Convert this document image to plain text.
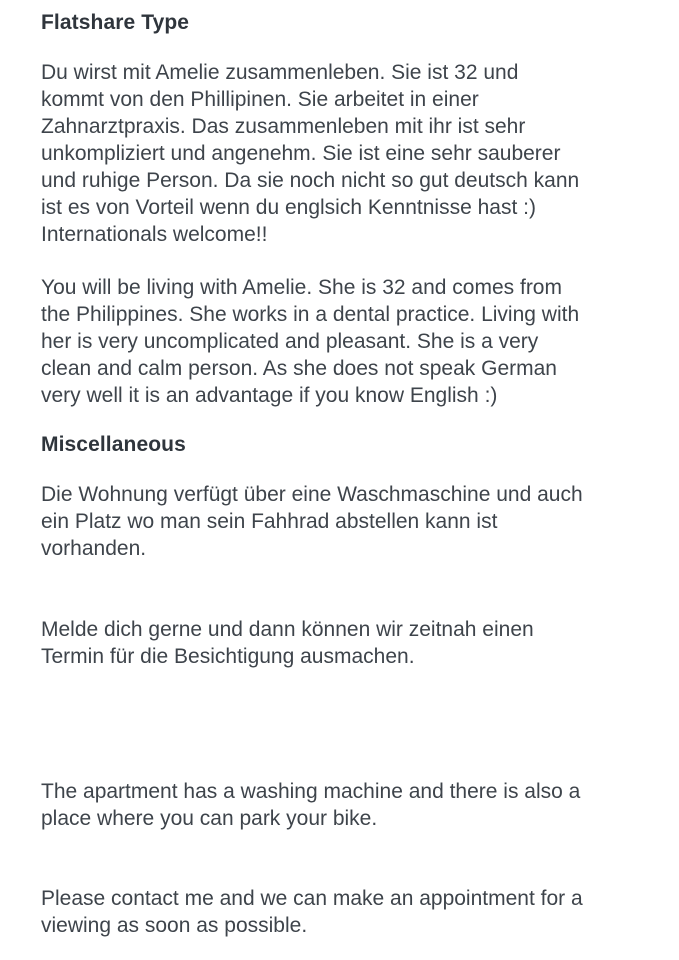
Flatshare Type

Du wirst mit Amelie zusammenleben. Sie ist 32 und
kommt von den Phillipinen. Sie arbeitet in einer
Zahnarztpraxis. Das zusammenleben mit ihr ist sehr
unkompliziert und angenehm. Sie ist eine sehr sauberer
und ruhige Person. Da sie noch nicht so gut deutsch kann
ist es von Vorteil wenn du englsich Kenntnisse hast :)
Internationals welcome!!

You will be living with Amelie. She is 32 and comes from
the Philippines. She works in a dental practice. Living with
her is very uncomplicated and pleasant. She is a very
clean and calm person. As she does not speak German
very well it is an advantage if you know English :)

Miscellaneous

Die Wohnung verfügt über eine Waschmaschine und auch
ein Platz wo man sein Fahhrad abstellen kann ist
vorhanden.

Melde dich gerne und dann können wir zeitnah einen
Termin für die Besichtigung ausmachen.

The apartment has a washing machine and there is also a
place where you can park your bike.

Please contact me and we can make an appointment for a
viewing as soon as possible.
